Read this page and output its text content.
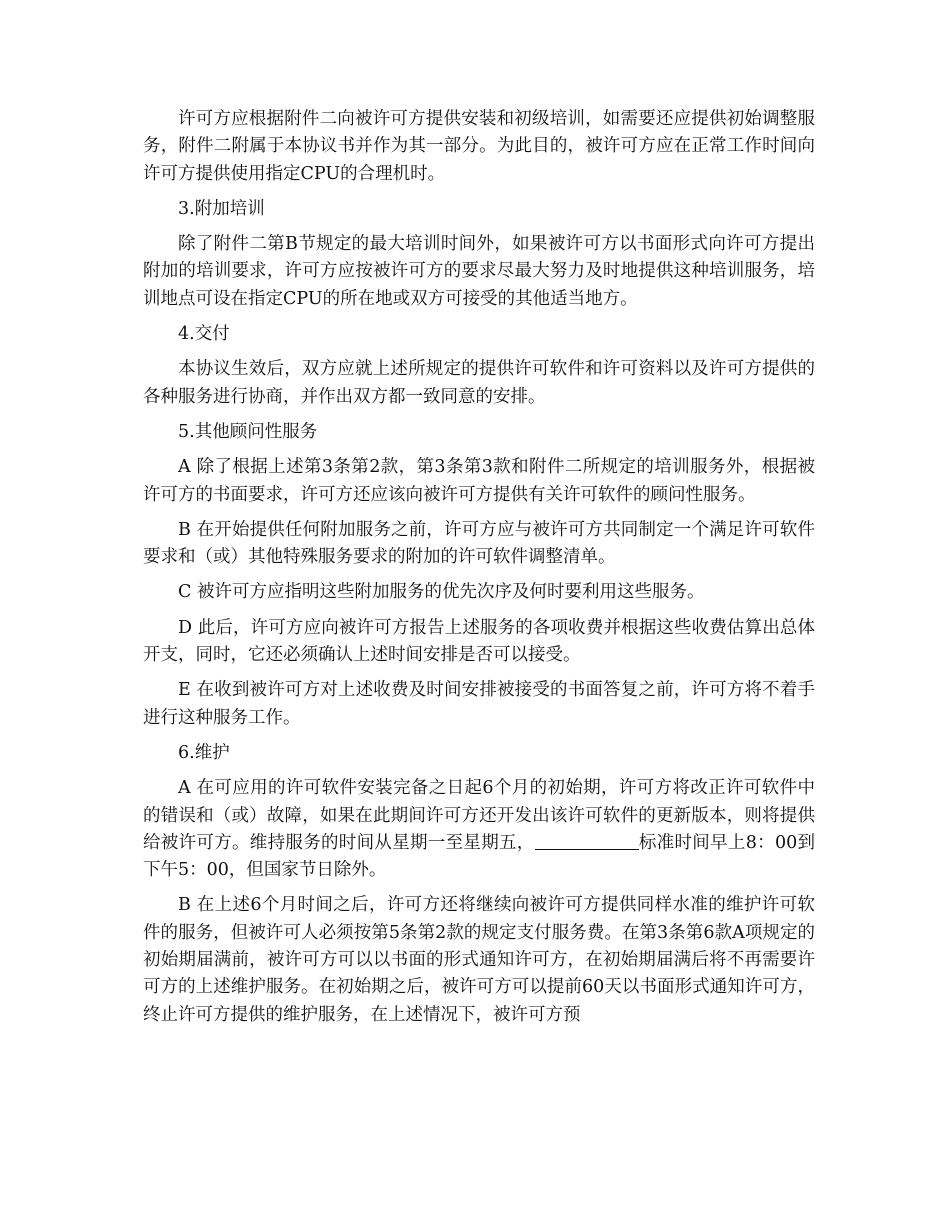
许可方应根据附件二向被许可方提供安装和初级培训，如需要还应提供初始调整服务，附件二附属于本协议书并作为其一部分。为此目的，被许可方应在正常工作时间向许可方提供使用指定CPU的合理机时。

3.附加培训

除了附件二第B节规定的最大培训时间外，如果被许可方以书面形式向许可方提出附加的培训要求，许可方应按被许可方的要求尽最大努力及时地提供这种培训服务，培训地点可设在指定CPU的所在地或双方可接受的其他适当地方。

4.交付

本协议生效后，双方应就上述所规定的提供许可软件和许可资料以及许可方提供的各种服务进行协商，并作出双方都一致同意的安排。

5.其他顾问性服务

A 除了根据上述第3条第2款，第3条第3款和附件二所规定的培训服务外，根据被许可方的书面要求，许可方还应该向被许可方提供有关许可软件的顾问性服务。

B 在开始提供任何附加服务之前，许可方应与被许可方共同制定一个满足许可软件要求和（或）其他特殊服务要求的附加的许可软件调整清单。

C 被许可方应指明这些附加服务的优先次序及何时要利用这些服务。

D 此后，许可方应向被许可方报告上述服务的各项收费并根据这些收费估算出总体开支，同时，它还必须确认上述时间安排是否可以接受。

E 在收到被许可方对上述收费及时间安排被接受的书面答复之前，许可方将不着手进行这种服务工作。

6.维护

A 在可应用的许可软件安装完备之日起6个月的初始期，许可方将改正许可软件中的错误和（或）故障，如果在此期间许可方还开发出该许可软件的更新版本，则将提供给被许可方。维持服务的时间从星期一至星期五，	标准时间早上8：00到下午5：00，但国家节日除外。

B 在上述6个月时间之后，许可方还将继续向被许可方提供同样水准的维护许可软件的服务，但被许可人必须按第5条第2款的规定支付服务费。在第3条第6款A项规定的初始期届满前，被许可方可以以书面的形式通知许可方，在初始期届满后将不再需要许可方的上述维护服务。在初始期之后，被许可方可以提前60天以书面形式通知许可方，终止许可方提供的维护服务，在上述情况下，被许可方预
